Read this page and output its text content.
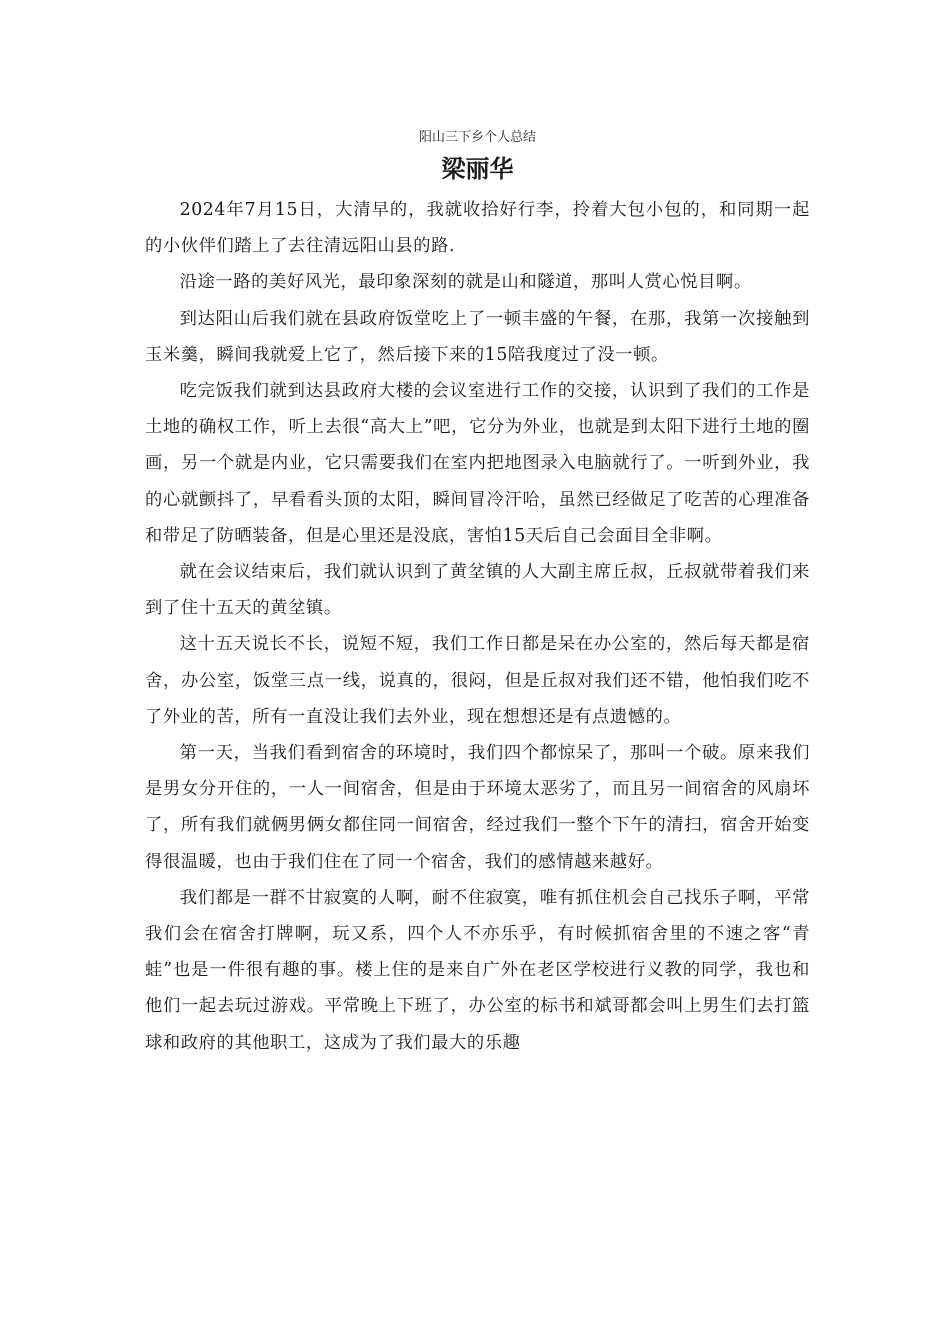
阳山三下乡个人总结

梁丽华

2024年7月15日，大清早的，我就收拾好行李，拎着大包小包的，和同期一起的小伙伴们踏上了去往清远阳山县的路.

沿途一路的美好风光，最印象深刻的就是山和隧道，那叫人赏心悦目啊。

到达阳山后我们就在县政府饭堂吃上了一顿丰盛的午餐，在那，我第一次接触到玉米羹，瞬间我就爱上它了，然后接下来的15陪我度过了没一顿。

吃完饭我们就到达县政府大楼的会议室进行工作的交接，认识到了我们的工作是土地的确权工作，听上去很“高大上”吧，它分为外业，也就是到太阳下进行土地的圈画，另一个就是内业，它只需要我们在室内把地图录入电脑就行了。一听到外业，我的心就颤抖了，早看看头顶的太阳，瞬间冒冷汗哈，虽然已经做足了吃苦的心理准备和带足了防晒装备，但是心里还是没底，害怕15天后自己会面目全非啊。

就在会议结束后，我们就认识到了黄坌镇的人大副主席丘叔，丘叔就带着我们来到了住十五天的黄坌镇。

这十五天说长不长，说短不短，我们工作日都是呆在办公室的，然后每天都是宿舍，办公室，饭堂三点一线，说真的，很闷，但是丘叔对我们还不错，他怕我们吃不了外业的苦，所有一直没让我们去外业，现在想想还是有点遗憾的。

第一天，当我们看到宿舍的环境时，我们四个都惊呆了，那叫一个破。原来我们是男女分开住的，一人一间宿舍，但是由于环境太恶劣了，而且另一间宿舍的风扇坏了，所有我们就俩男俩女都住同一间宿舍，经过我们一整个下午的清扫，宿舍开始变得很温暖，也由于我们住在了同一个宿舍，我们的感情越来越好。

我们都是一群不甘寂寞的人啊，耐不住寂寞，唯有抓住机会自己找乐子啊，平常我们会在宿舍打牌啊，玩又系，四个人不亦乐乎，有时候抓宿舍里的不速之客“青蛙”也是一件很有趣的事。楼上住的是来自广外在老区学校进行义教的同学，我也和他们一起去玩过游戏。平常晚上下班了，办公室的标书和斌哥都会叫上男生们去打篮球和政府的其他职工，这成为了我们最大的乐趣
